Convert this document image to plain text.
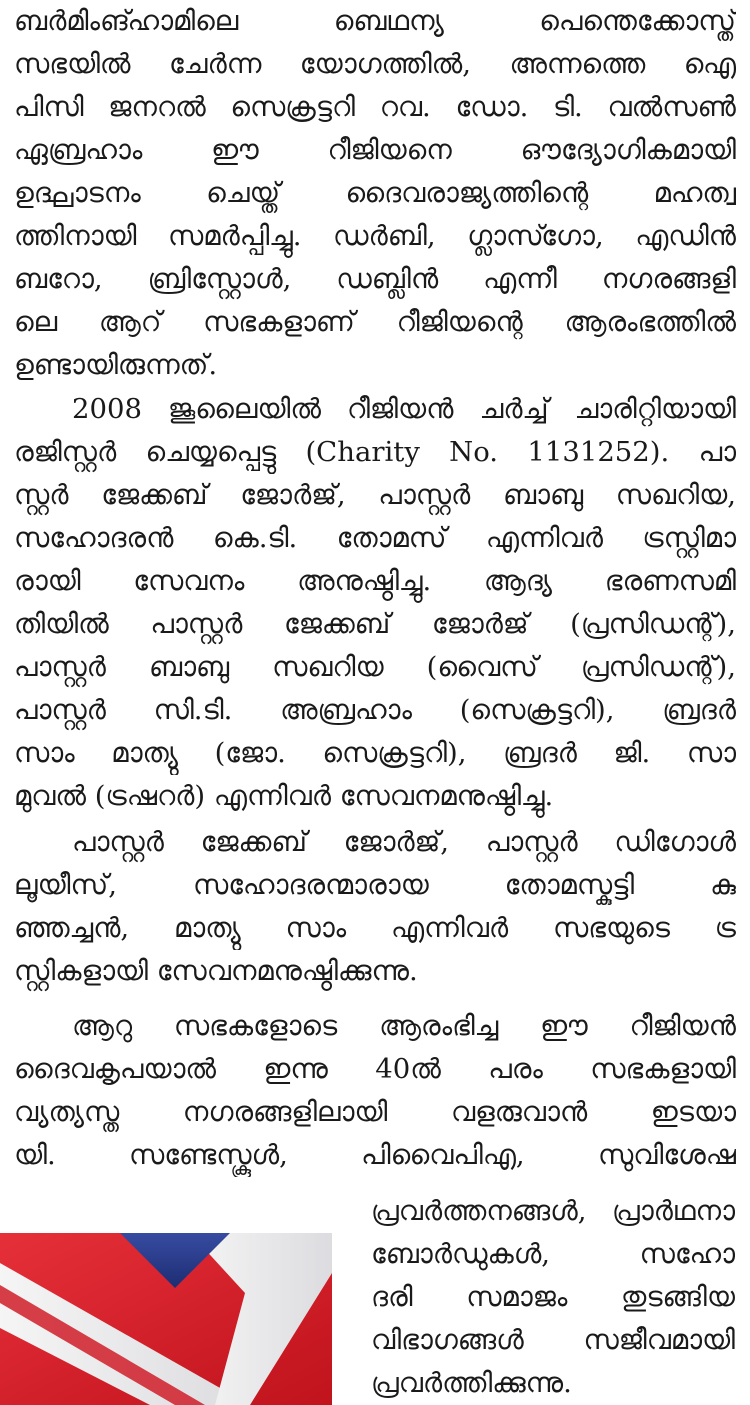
ബർമിംങ്ഹാമിലെ ബെഥന്യ പെന്തെക്കോസ്ത്
സഭയിൽ ചേർന്ന യോഗത്തിൽ, അന്നത്തെ ഐ
പിസി ജനറൽ സെക്രട്ടറി റവ. ഡോ. ടി. വൽസൺ
ഏബ്രഹാം ഈ റീജിയനെ ഔദ്യോഗികമായി
ഉദ്ഘാടനം ചെയ്ത് ദൈവരാജ്യത്തിന്റെ മഹത്വ
ത്തിനായി സമർപ്പിച്ചു. ഡർബി, ഗ്ലാസ്ഗോ, എഡിൻ
ബറോ, ബ്രിസ്റ്റോൾ, ഡബ്ലിൻ എന്നീ നഗരങ്ങളി
ലെ ആറ് സഭകളാണ് റീജിയന്റെ ആരംഭത്തിൽ
ഉണ്ടായിരുന്നത്.
2008 ജൂലൈയിൽ റീജിയൻ ചർച്ച് ചാരിറ്റിയായി
രജിസ്റ്റർ ചെയ്യപ്പെട്ടു (Charity No. 1131252). പാ
സ്റ്റർ ജേക്കബ് ജോർജ്, പാസ്റ്റർ ബാബു സഖറിയ,
സഹോദരൻ കെ.ടി. തോമസ് എന്നിവർ ട്രസ്റ്റിമാ
രായി സേവനം അനുഷ്ഠിച്ചു. ആദ്യ ഭരണസമി
തിയിൽ പാസ്റ്റർ ജേക്കബ് ജോർജ് (പ്രസിഡന്റ്),
പാസ്റ്റർ ബാബു സഖറിയ (വൈസ് പ്രസിഡന്റ്),
പാസ്റ്റർ സി.ടി. അബ്രഹാം (സെക്രട്ടറി), ബ്രദർ
സാം മാത്യു (ജോ. സെക്രട്ടറി), ബ്രദർ ജി. സാ
മുവൽ (ട്രഷറർ) എന്നിവർ സേവനമനുഷ്ഠിച്ചു.
പാസ്റ്റർ ജേക്കബ് ജോർജ്, പാസ്റ്റർ ഡിഗോൾ
ലൂയീസ്, സഹോദരന്മാരായ തോമസ്കുട്ടി കു
ഞ്ഞച്ചൻ, മാത്യു സാം എന്നിവർ സഭയുടെ ട്ര
സ്റ്റികളായി സേവനമനുഷ്ഠിക്കുന്നു.
ആറു സഭകളോടെ ആരംഭിച്ച ഈ റീജിയൻ
ദൈവകൃപയാൽ ഇന്നു 40ൽ പരം സഭകളായി
വ്യത്യസ്ത നഗരങ്ങളിലായി വളരുവാൻ ഇടയാ
യി. സണ്ടേസ്കൂൾ, പിവൈപിഎ, സുവിശേഷ
പ്രവർത്തനങ്ങൾ, പ്രാർഥനാ
ബോർഡുകൾ, സഹോ
ദരി സമാജം തുടങ്ങിയ
വിഭാഗങ്ങൾ സജീവമായി
പ്രവർത്തിക്കുന്നു.
